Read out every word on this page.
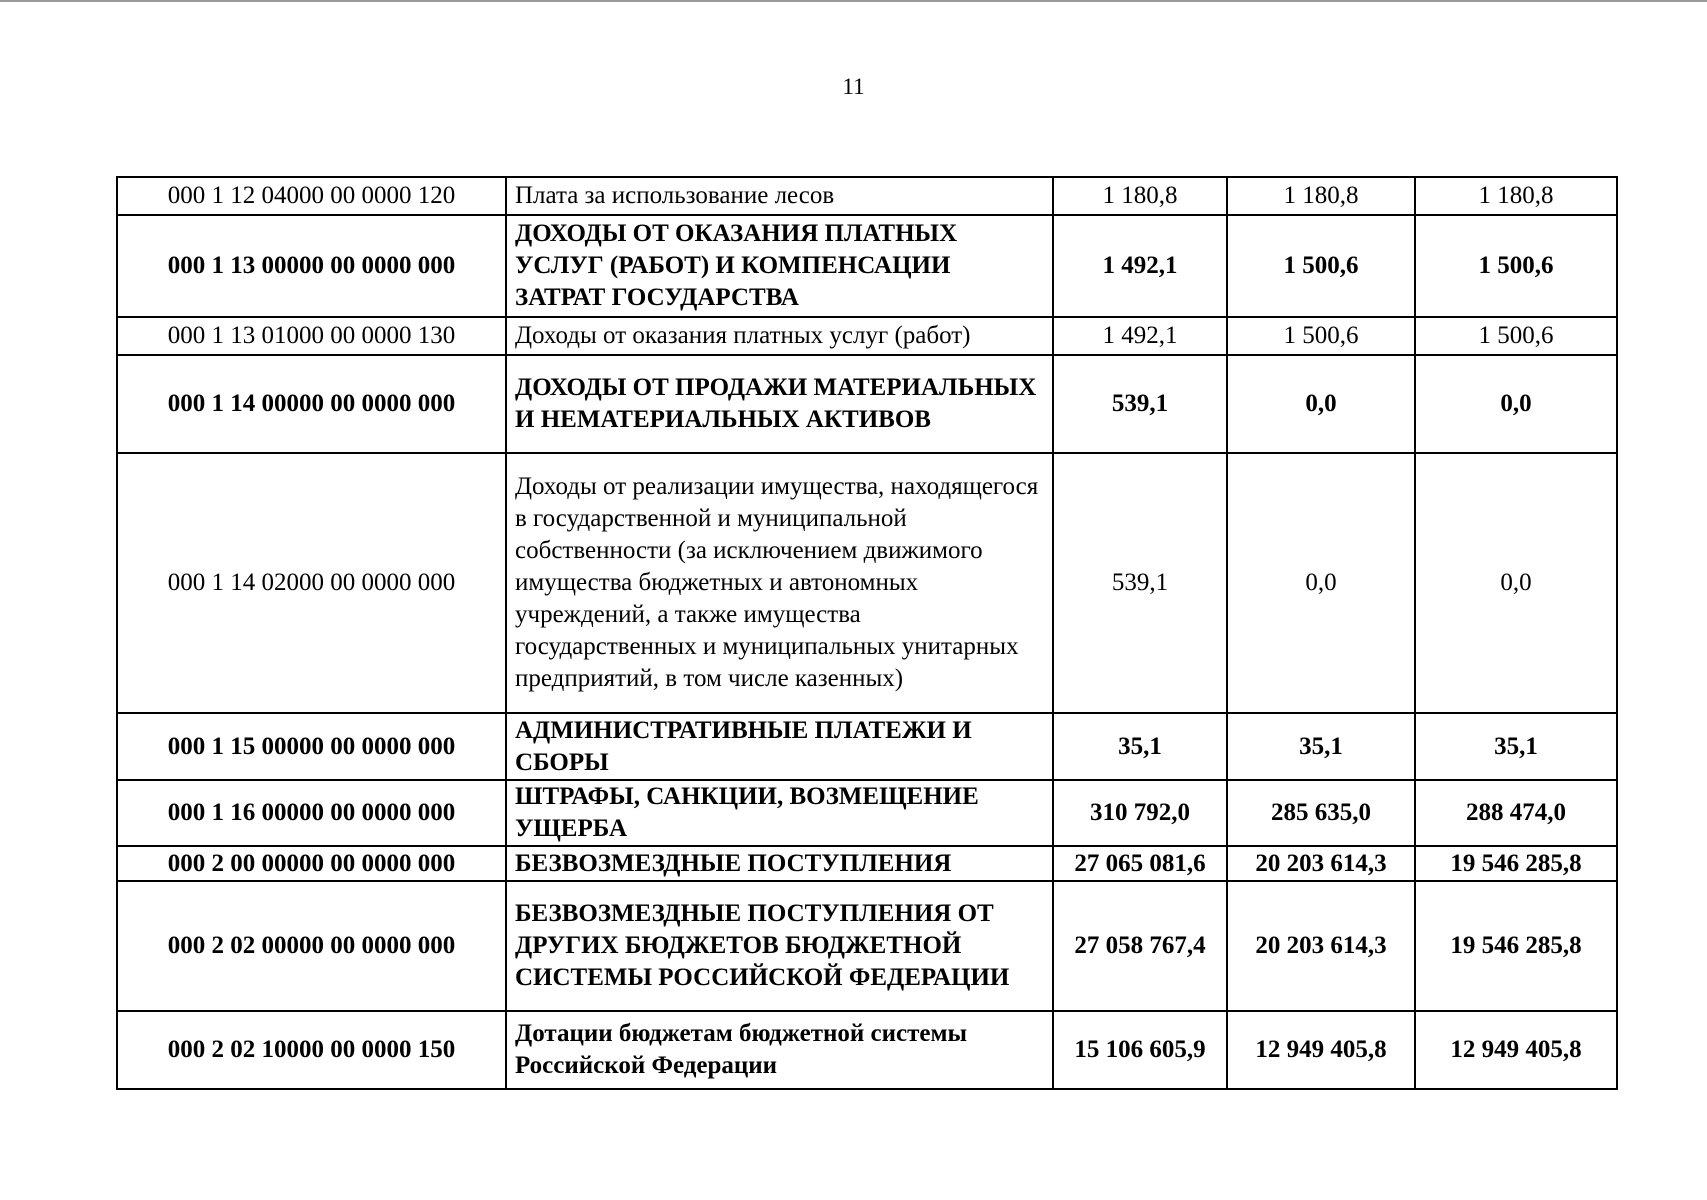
11
000 1 12 04000 00 0000 120	Плата за использование лесов	1 180,8	1 180,8	1 180,8
000 1 13 00000 00 0000 000	ДОХОДЫ ОТ ОКАЗАНИЯ ПЛАТНЫХ УСЛУГ (РАБОТ) И КОМПЕНСАЦИИ ЗАТРАТ ГОСУДАРСТВА	1 492,1	1 500,6	1 500,6
000 1 13 01000 00 0000 130	Доходы от оказания платных услуг (работ)	1 492,1	1 500,6	1 500,6
000 1 14 00000 00 0000 000	ДОХОДЫ ОТ ПРОДАЖИ МАТЕРИАЛЬНЫХ И НЕМАТЕРИАЛЬНЫХ АКТИВОВ	539,1	0,0	0,0
000 1 14 02000 00 0000 000	Доходы от реализации имущества, находящегося в государственной и муниципальной собственности (за исключением движимого имущества бюджетных и автономных учреждений, а также имущества государственных и муниципальных унитарных предприятий, в том числе казенных)	539,1	0,0	0,0
000 1 15 00000 00 0000 000	АДМИНИСТРАТИВНЫЕ ПЛАТЕЖИ И СБОРЫ	35,1	35,1	35,1
000 1 16 00000 00 0000 000	ШТРАФЫ, САНКЦИИ, ВОЗМЕЩЕНИЕ УЩЕРБА	310 792,0	285 635,0	288 474,0
000 2 00 00000 00 0000 000	БЕЗВОЗМЕЗДНЫЕ ПОСТУПЛЕНИЯ	27 065 081,6	20 203 614,3	19 546 285,8
000 2 02 00000 00 0000 000	БЕЗВОЗМЕЗДНЫЕ ПОСТУПЛЕНИЯ ОТ ДРУГИХ БЮДЖЕТОВ БЮДЖЕТНОЙ СИСТЕМЫ РОССИЙСКОЙ ФЕДЕРАЦИИ	27 058 767,4	20 203 614,3	19 546 285,8
000 2 02 10000 00 0000 150	Дотации бюджетам бюджетной системы Российской Федерации	15 106 605,9	12 949 405,8	12 949 405,8
